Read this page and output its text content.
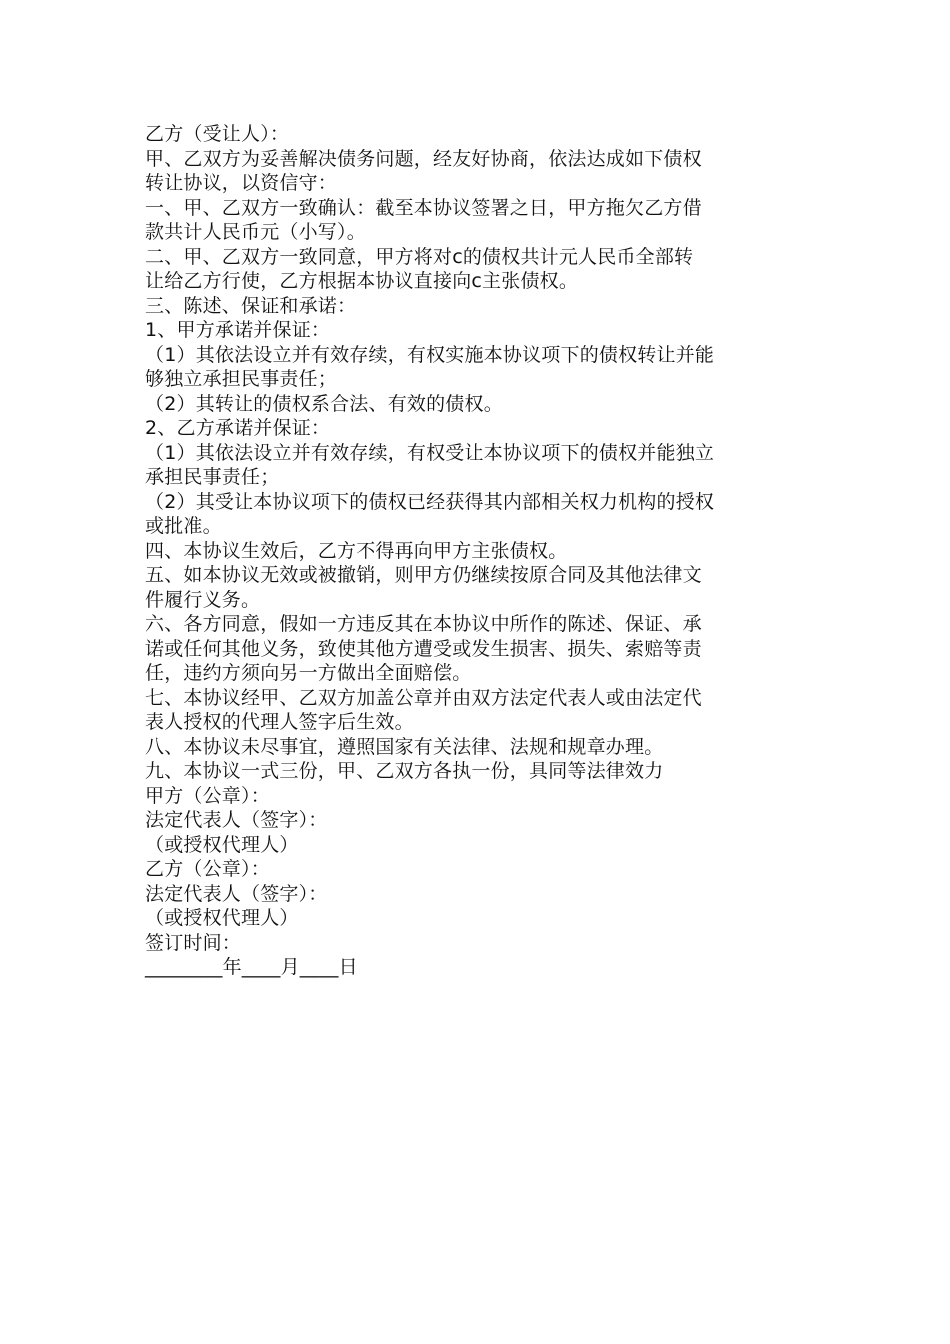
乙方（受让人）：

甲、乙双方为妥善解决债务问题，经友好协商，依法达成如下债权

转让协议，以资信守：

一、甲、乙双方一致确认：截至本协议签署之日，甲方拖欠乙方借

款共计人民币元（小写）。

二、甲、乙双方一致同意，甲方将对c的债权共计元人民币全部转

让给乙方行使，乙方根据本协议直接向c主张债权。

三、陈述、保证和承诺：

1、甲方承诺并保证：

（1）其依法设立并有效存续，有权实施本协议项下的债权转让并能

够独立承担民事责任；

（2）其转让的债权系合法、有效的债权。

2、乙方承诺并保证：

（1）其依法设立并有效存续，有权受让本协议项下的债权并能独立

承担民事责任；

（2）其受让本协议项下的债权已经获得其内部相关权力机构的授权

或批准。

四、本协议生效后，乙方不得再向甲方主张债权。

五、如本协议无效或被撤销，则甲方仍继续按原合同及其他法律文

件履行义务。

六、各方同意，假如一方违反其在本协议中所作的陈述、保证、承

诺或任何其他义务，致使其他方遭受或发生损害、损失、索赔等责

任，违约方须向另一方做出全面赔偿。

七、本协议经甲、乙双方加盖公章并由双方法定代表人或由法定代

表人授权的代理人签字后生效。

八、本协议未尽事宜，遵照国家有关法律、法规和规章办理。

九、本协议一式三份，甲、乙双方各执一份，具同等法律效力

甲方（公章）：

法定代表人（签字）：

（或授权代理人）

乙方（公章）：

法定代表人（签字）：

（或授权代理人）

签订时间：

________年____月____日
